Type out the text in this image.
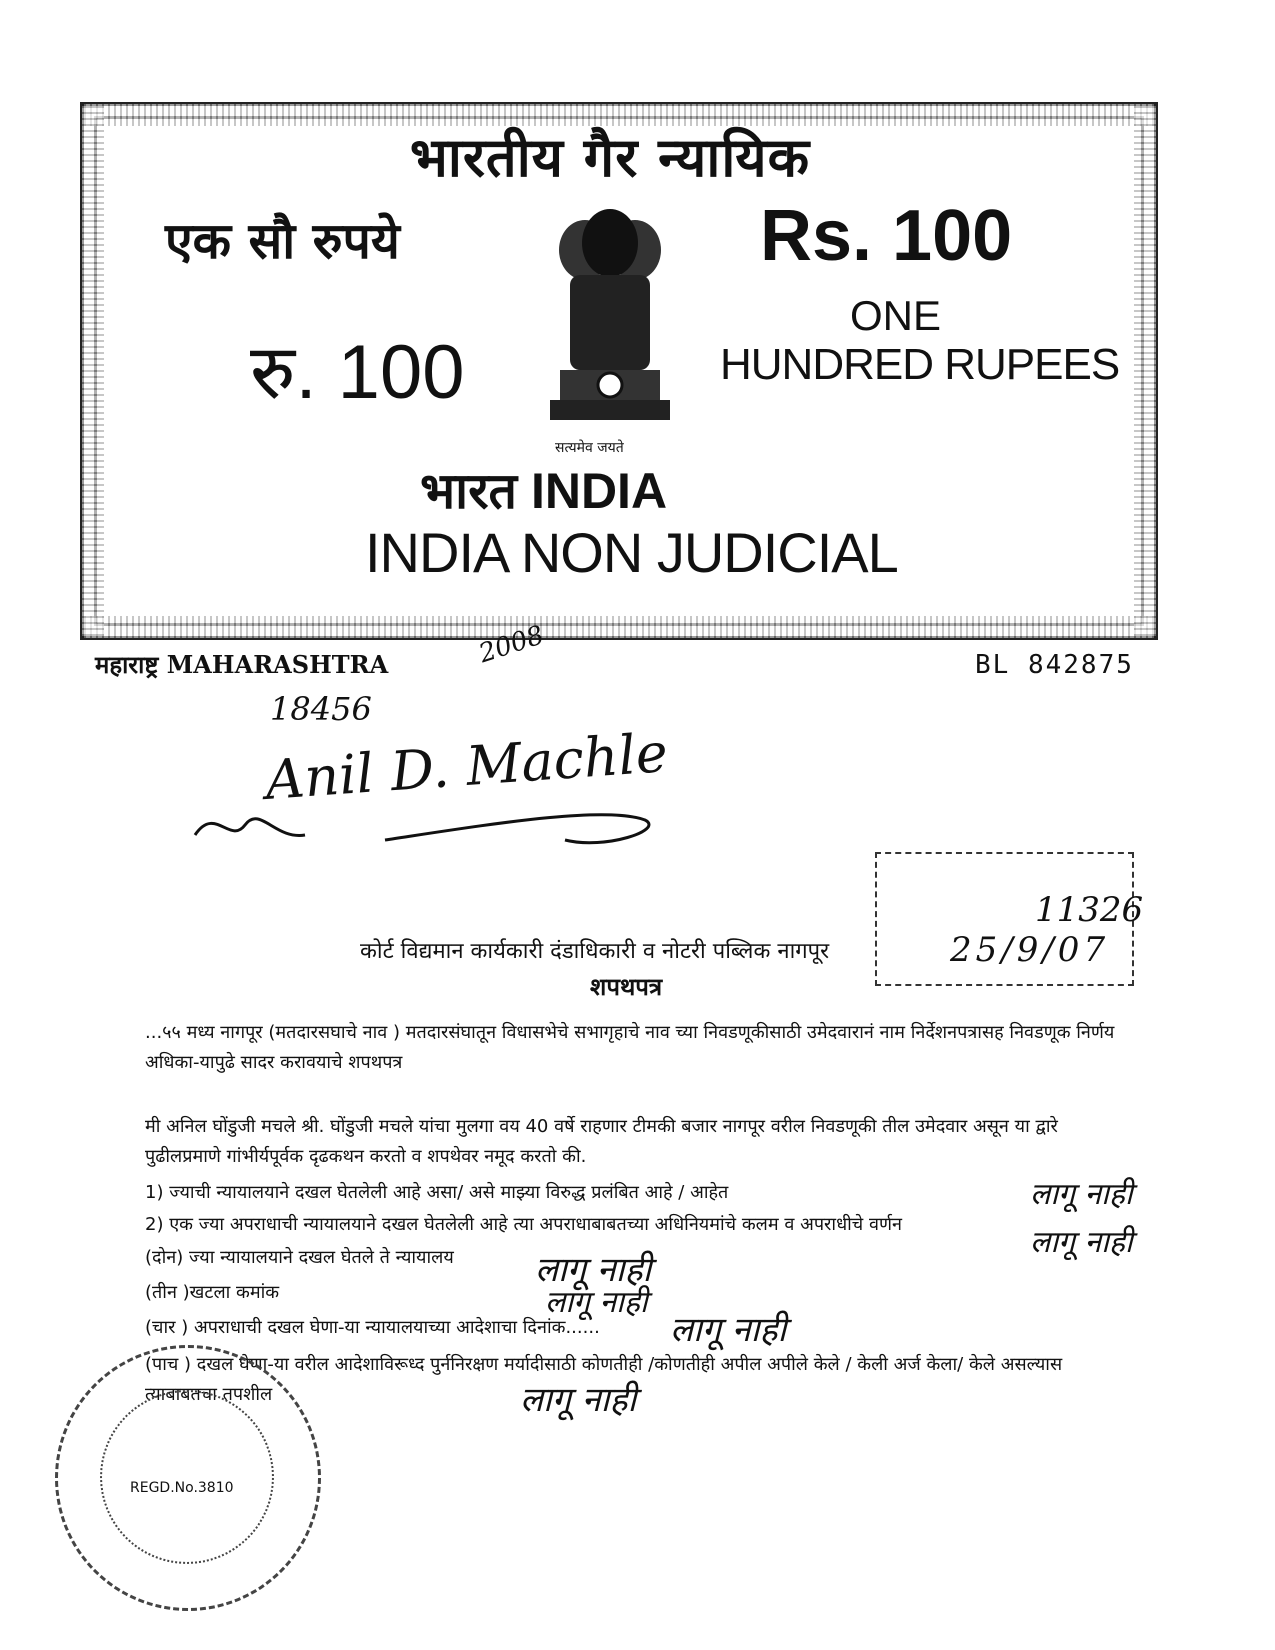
भारतीय गैर न्यायिक
एक सौ रुपये	Rs. 100
ONE
HUNDRED RUPEES
रु. 100
सत्यमेव जयते
भारत INDIA
INDIA NON JUDICIAL
महाराष्ट्र MAHARASHTRA	BL 842875
2008
18456
Anil D. Machle
11326
25/9/07
कोर्ट विद्यमान कार्यकारी दंडाधिकारी व नोटरी पब्लिक नागपूर
शपथपत्र
...५५ मध्य नागपूर (मतदारसघाचे नाव ) मतदारसंघातून विधासभेचे सभागृहाचे नाव च्या निवडणूकीसाठी उमेदवारानं नाम निर्देशनपत्रासह निवडणूक निर्णय अधिका-यापुढे सादर करावयाचे शपथपत्र
मी अनिल घोंडुजी मचले श्री. घोंडुजी मचले यांचा मुलगा वय 40 वर्षे राहणार टीमकी बजार नागपूर वरील निवडणूकी तील उमेदवार असून या द्वारे पुढीलप्रमाणे गांभीर्यपूर्वक दृढकथन करतो व शपथेवर नमूद करतो की.
1) ज्याची न्यायालयाने दखल घेतलेली आहे असा/ असे माझ्या विरुद्ध प्रलंबित आहे / आहेत	लागू नाही
2) एक ज्या अपराधाची न्यायालयाने दखल घेतलेली आहे त्या अपराधाबाबतच्या अधिनियमांचे कलम व अपराधीचे वर्णन
लागू नाही
(दोन) ज्या न्यायालयाने दखल घेतले ते न्यायालय लागू नाही
(तीन )खटला कमांक	लागू नाही
(चार ) अपराधाची दखल घेणा-या न्यायालयाच्या आदेशाचा दिनांक...... लागू नाही
(पाच ) दखल घेणा-या वरील आदेशाविरूध्द पुर्ननिरक्षण मर्यादीसाठी कोणतीही /कोणतीही अपील अपीले केले / केली अर्ज केला/ केले असल्यास त्याबाबतचा तपशील	लागू नाही
REGD.No.3810
